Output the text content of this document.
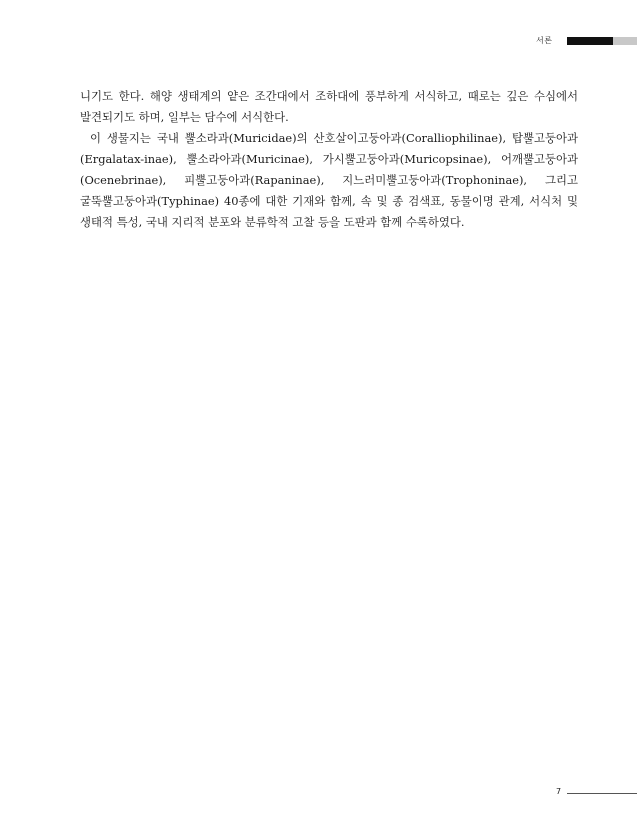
서론

니기도 한다. 해양 생태계의 얕은 조간대에서 조하대에 풍부하게 서식하고, 때로는 깊은 수심에서 발견되기도 하며, 일부는 담수에 서식한다.

이 생물지는 국내 뿔소라과(Muricidae)의 산호살이고둥아과(Coralliophilinae), 탑뿔고둥아과(Ergalatax-inae), 뿔소라아과(Muricinae), 가시뿔고둥아과(Muricopsinae), 어깨뿔고둥아과(Ocenebrinae), 피뿔고둥아과(Rapaninae), 지느러미뿔고둥아과(Trophoninae), 그리고 굴뚝뿔고둥아과(Typhinae) 40종에 대한 기재와 함께, 속 및 종 검색표, 동물이명 관계, 서식처 및 생태적 특성, 국내 지리적 분포와 분류학적 고찰 등을 도판과 함께 수록하였다.

7
